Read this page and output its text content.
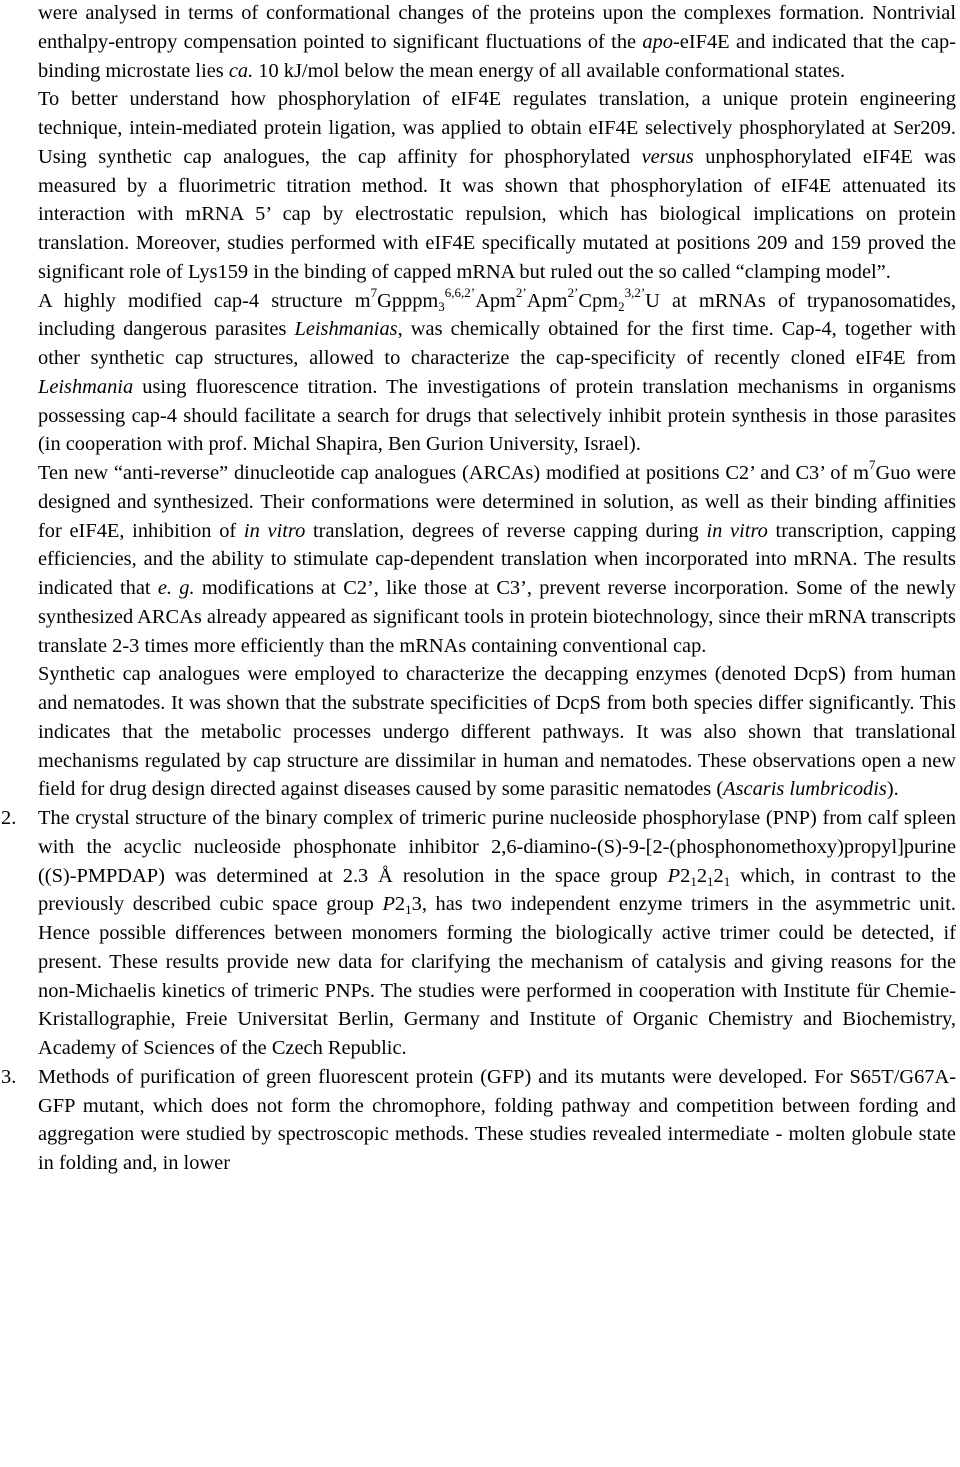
were analysed in terms of conformational changes of the proteins upon the complexes formation. Nontrivial enthalpy-entropy compensation pointed to significant fluctuations of the apo-eIF4E and indicated that the cap-binding microstate lies ca. 10 kJ/mol below the mean energy of all available conformational states.

To better understand how phosphorylation of eIF4E regulates translation, a unique protein engineering technique, intein-mediated protein ligation, was applied to obtain eIF4E selectively phosphorylated at Ser209. Using synthetic cap analogues, the cap affinity for phosphorylated versus unphosphorylated eIF4E was measured by a fluorimetric titration method. It was shown that phosphorylation of eIF4E attenuated its interaction with mRNA 5’ cap by electrostatic repulsion, which has biological implications on protein translation. Moreover, studies performed with eIF4E specifically mutated at positions 209 and 159 proved the significant role of Lys159 in the binding of capped mRNA but ruled out the so called “clamping model”.

A highly modified cap-4 structure $m^7Gpppm_3^{6,6,2’}Apm^{2’}Apm^{2’}Cpm_2^{3,2’}U$ at mRNAs of trypanosomatides, including dangerous parasites Leishmanias, was chemically obtained for the first time. Cap-4, together with other synthetic cap structures, allowed to characterize the cap-specificity of recently cloned eIF4E from Leishmania using fluorescence titration. The investigations of protein translation mechanisms in organisms possessing cap-4 should facilitate a search for drugs that selectively inhibit protein synthesis in those parasites (in cooperation with prof. Michal Shapira, Ben Gurion University, Israel).

Ten new “anti-reverse” dinucleotide cap analogues (ARCAs) modified at positions C2’ and C3’ of $m^7Guo$ were designed and synthesized. Their conformations were determined in solution, as well as their binding affinities for eIF4E, inhibition of in vitro translation, degrees of reverse capping during in vitro transcription, capping efficiencies, and the ability to stimulate cap-dependent translation when incorporated into mRNA. The results indicated that e. g. modifications at C2’, like those at C3’, prevent reverse incorporation. Some of the newly synthesized ARCAs already appeared as significant tools in protein biotechnology, since their mRNA transcripts translate 2-3 times more efficiently than the mRNAs containing conventional cap.

Synthetic cap analogues were employed to characterize the decapping enzymes (denoted DcpS) from human and nematodes. It was shown that the substrate specificities of DcpS from both species differ significantly. This indicates that the metabolic processes undergo different pathways. It was also shown that translational mechanisms regulated by cap structure are dissimilar in human and nematodes. These observations open a new field for drug design directed against diseases caused by some parasitic nematodes (Ascaris lumbricodis).

2. The crystal structure of the binary complex of trimeric purine nucleoside phosphorylase (PNP) from calf spleen with the acyclic nucleoside phosphonate inhibitor 2,6-diamino-(S)-9-[2-(phosphonomethoxy)propyl]purine ((S)-PMPDAP) was determined at 2.3 Å resolution in the space group $P2_12_12_1$ which, in contrast to the previously described cubic space group $P2_13$, has two independent enzyme trimers in the asymmetric unit. Hence possible differences between monomers forming the biologically active trimer could be detected, if present. These results provide new data for clarifying the mechanism of catalysis and giving reasons for the non-Michaelis kinetics of trimeric PNPs. The studies were performed in cooperation with Institute für Chemie-Kristallographie, Freie Universitat Berlin, Germany and Institute of Organic Chemistry and Biochemistry, Academy of Sciences of the Czech Republic.

3. Methods of purification of green fluorescent protein (GFP) and its mutants were developed. For S65T/G67A-GFP mutant, which does not form the chromophore, folding pathway and competition between fording and aggregation were studied by spectroscopic methods. These studies revealed intermediate - molten globule state in folding and, in lower
